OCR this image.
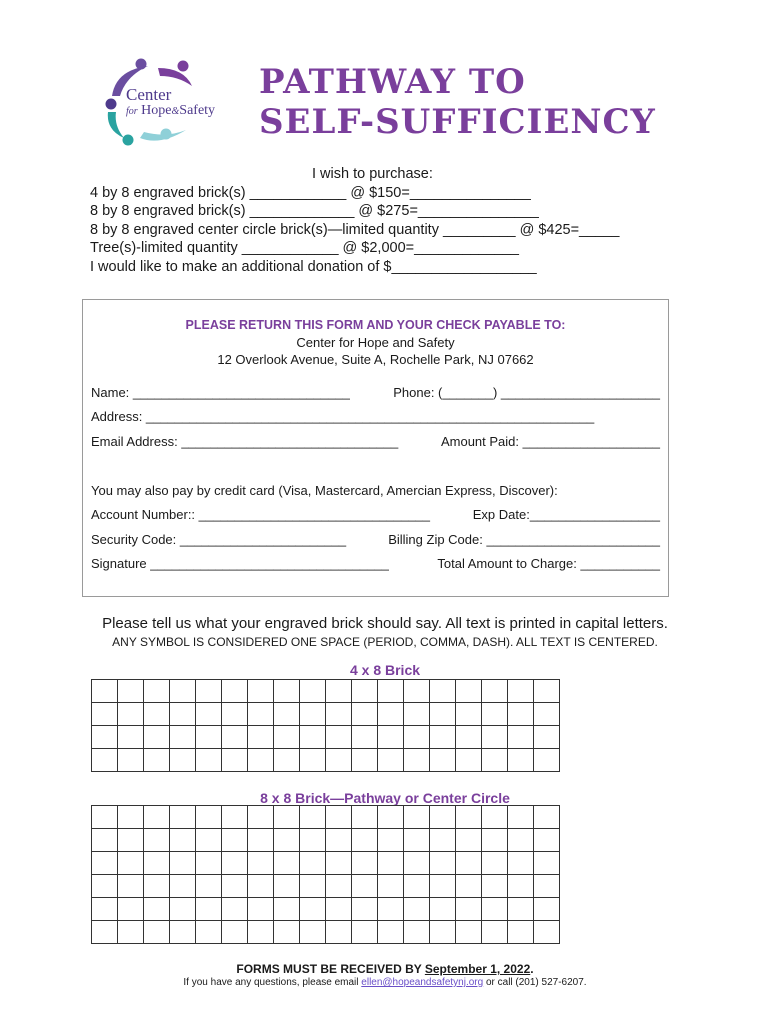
Center
for Hope&Safety
PATHWAY TO
SELF-SUFFICIENCY
I wish to purchase:
4 by 8 engraved brick(s) ____________ @ $150=_______________
8 by 8 engraved brick(s) _____________ @ $275=_______________
8 by 8 engraved center circle brick(s)—limited quantity _________ @ $425=_____
Tree(s)-limited quantity ____________ @ $2,000=_____________
I would like to make an additional donation of $__________________
PLEASE RETURN THIS FORM AND YOUR CHECK PAYABLE TO:
Center for Hope and Safety
12 Overlook Avenue, Suite A, Rochelle Park, NJ 07662
Name: ______________________________	Phone: (_______) ______________________
Address: ______________________________________________________________
Email Address: ______________________________	Amount Paid: ___________________
You may also pay by credit card (Visa, Mastercard, Amercian Express, Discover):
Account Number:: ________________________________	Exp Date:__________________
Security Code: _______________________	Billing Zip Code: ________________________
Signature _________________________________	Total Amount to Charge: ___________
Please tell us what your engraved brick should say. All text is printed in capital letters.
ANY SYMBOL IS CONSIDERED ONE SPACE (PERIOD, COMMA, DASH). ALL TEXT IS CENTERED.
4 x 8 Brick

8 x 8 Brick—Pathway or Center Circle

FORMS MUST BE RECEIVED BY September 1, 2022.
If you have any questions, please email ellen@hopeandsafetynj.org or call (201) 527-6207.
